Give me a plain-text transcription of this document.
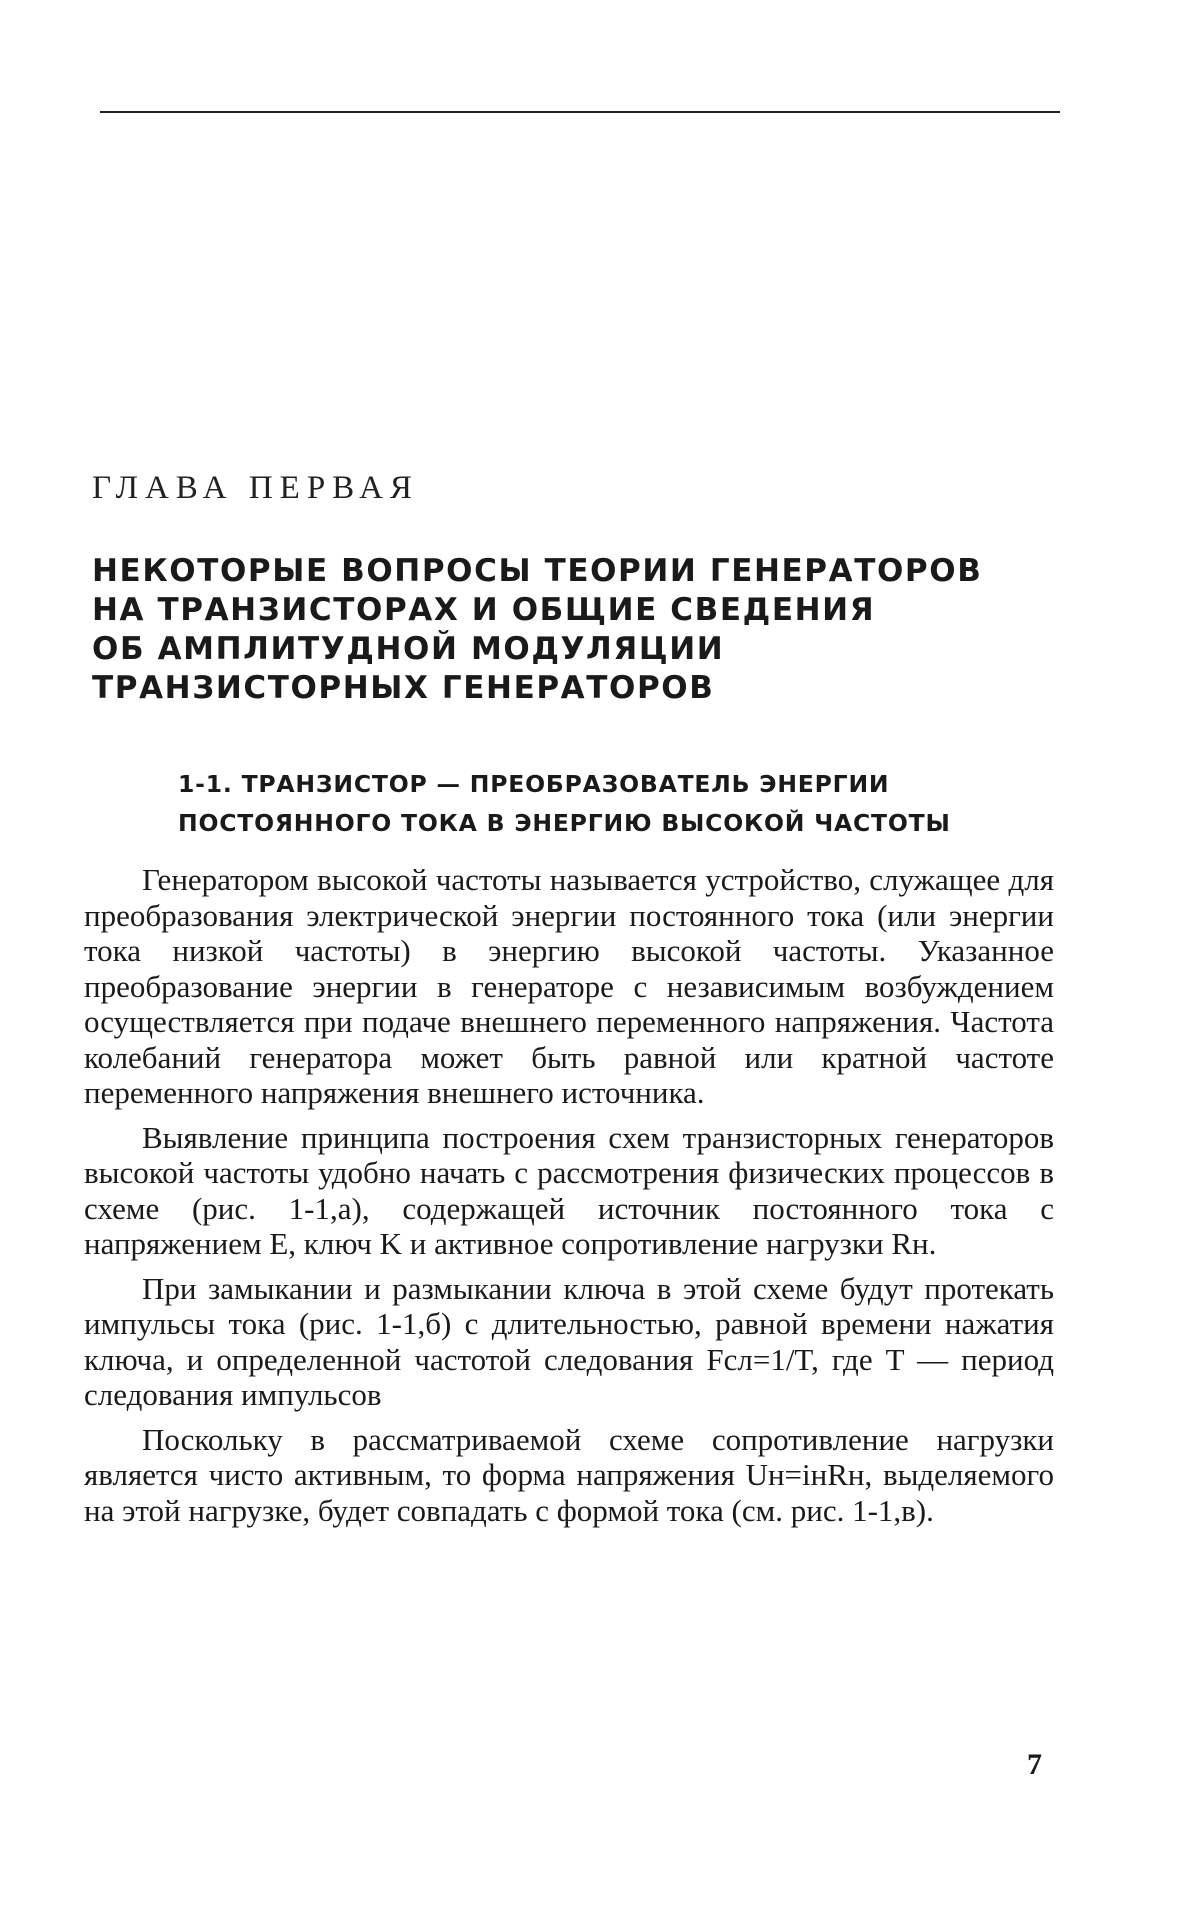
ГЛАВА ПЕРВАЯ
НЕКОТОРЫЕ ВОПРОСЫ ТЕОРИИ ГЕНЕРАТОРОВ
НА ТРАНЗИСТОРАХ И ОБЩИЕ СВЕДЕНИЯ
ОБ АМПЛИТУДНОЙ МОДУЛЯЦИИ
ТРАНЗИСТОРНЫХ ГЕНЕРАТОРОВ
1-1. ТРАНЗИСТОР — ПРЕОБРАЗОВАТЕЛЬ ЭНЕРГИИ
ПОСТОЯННОГО ТОКА В ЭНЕРГИЮ ВЫСОКОЙ ЧАСТОТЫ

Генератором высокой частоты называется устройство, служащее для преобразования электрической энергии постоянного тока (или энергии тока низкой частоты) в энергию высокой частоты. Указанное преобразование энергии в генераторе с независимым возбуждением осуществляется при подаче внешнего переменного напряжения. Частота колебаний генератора может быть равной или кратной частоте переменного напряжения внешнего источника.

Выявление принципа построения схем транзисторных генераторов высокой частоты удобно начать с рассмотрения физических процессов в схеме (рис. 1-1,а), содержащей источник постоянного тока с напряжением E, ключ K и активное сопротивление нагрузки Rн.

При замыкании и размыкании ключа в этой схеме будут протекать импульсы тока (рис. 1-1,б) с длительностью, равной времени нажатия ключа, и определенной частотой следования Fсл=1/T, где T — период следования импульсов

Поскольку в рассматриваемой схеме сопротивление нагрузки является чисто активным, то форма напряжения Uн=iнRн, выделяемого на этой нагрузке, будет совпадать с формой тока (см. рис. 1-1,в).

7
